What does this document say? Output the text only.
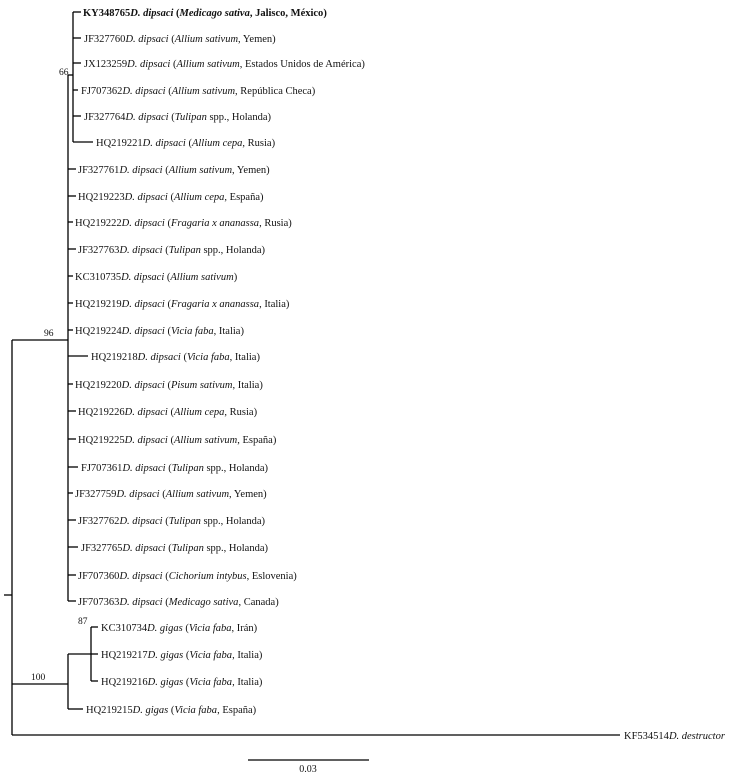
87
66
96
100
KY348765D. dipsaci (Medicago sativa, Jalisco, México)
JF327760D. dipsaci (Allium sativum, Yemen)
JX123259D. dipsaci (Allium sativum, Estados Unidos de América)
FJ707362D. dipsaci (Allium sativum, República Checa)
JF327764D. dipsaci (Tulipan spp., Holanda)
HQ219221D. dipsaci (Allium cepa, Rusia)
JF327761D. dipsaci (Allium sativum, Yemen)
HQ219223D. dipsaci (Allium cepa, España)
HQ219222D. dipsaci (Fragaria x ananassa, Rusia)
JF327763D. dipsaci (Tulipan spp., Holanda)
KC310735D. dipsaci (Allium sativum)
HQ219219D. dipsaci (Fragaria x ananassa, Italia)
HQ219224D. dipsaci (Vicia faba, Italia)
HQ219218D. dipsaci (Vicia faba, Italia)
HQ219220D. dipsaci (Pisum sativum, Italia)
HQ219226D. dipsaci (Allium cepa, Rusia)
HQ219225D. dipsaci (Allium sativum, España)
FJ707361D. dipsaci (Tulipan spp., Holanda)
JF327759D. dipsaci (Allium sativum, Yemen)
JF327762D. dipsaci (Tulipan spp., Holanda)
JF327765D. dipsaci (Tulipan spp., Holanda)
JF707360D. dipsaci (Cichorium intybus, Eslovenia)
JF707363D. dipsaci (Medicago sativa, Canada)
KC310734D. gigas (Vicia faba, Irán)
HQ219217D. gigas (Vicia faba, Italia)
HQ219216D. gigas (Vicia faba, Italia)
HQ219215D. gigas (Vicia faba, España)
KF534514D. destructor
0.03
